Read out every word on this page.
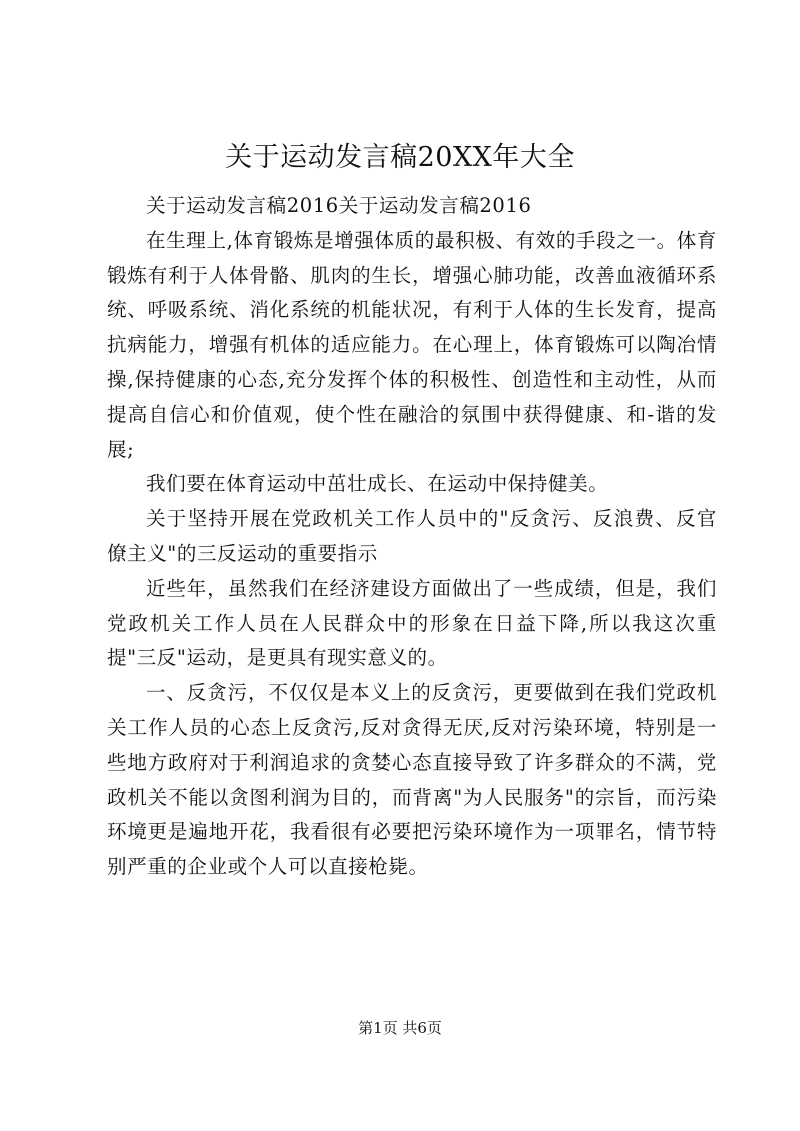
关于运动发言稿20XX年大全

关于运动发言稿2016关于运动发言稿2016

在生理上,体育锻炼是增强体质的最积极、有效的手段之一。体育锻炼有利于人体骨骼、肌肉的生长，增强心肺功能，改善血液循环系统、呼吸系统、消化系统的机能状况，有利于人体的生长发育，提高抗病能力，增强有机体的适应能力。在心理上，体育锻炼可以陶冶情操,保持健康的心态,充分发挥个体的积极性、创造性和主动性，从而提高自信心和价值观，使个性在融洽的氛围中获得健康、和-谐的发展;

我们要在体育运动中茁壮成长、在运动中保持健美。

关于坚持开展在党政机关工作人员中的"反贪污、反浪费、反官僚主义"的三反运动的重要指示

近些年，虽然我们在经济建设方面做出了一些成绩，但是，我们党政机关工作人员在人民群众中的形象在日益下降,所以我这次重提"三反"运动，是更具有现实意义的。

一、反贪污，不仅仅是本义上的反贪污，更要做到在我们党政机关工作人员的心态上反贪污,反对贪得无厌,反对污染环境，特别是一些地方政府对于利润追求的贪婪心态直接导致了许多群众的不满，党政机关不能以贪图利润为目的，而背离"为人民服务"的宗旨，而污染环境更是遍地开花，我看很有必要把污染环境作为一项罪名，情节特别严重的企业或个人可以直接枪毙。

第1页 共6页
